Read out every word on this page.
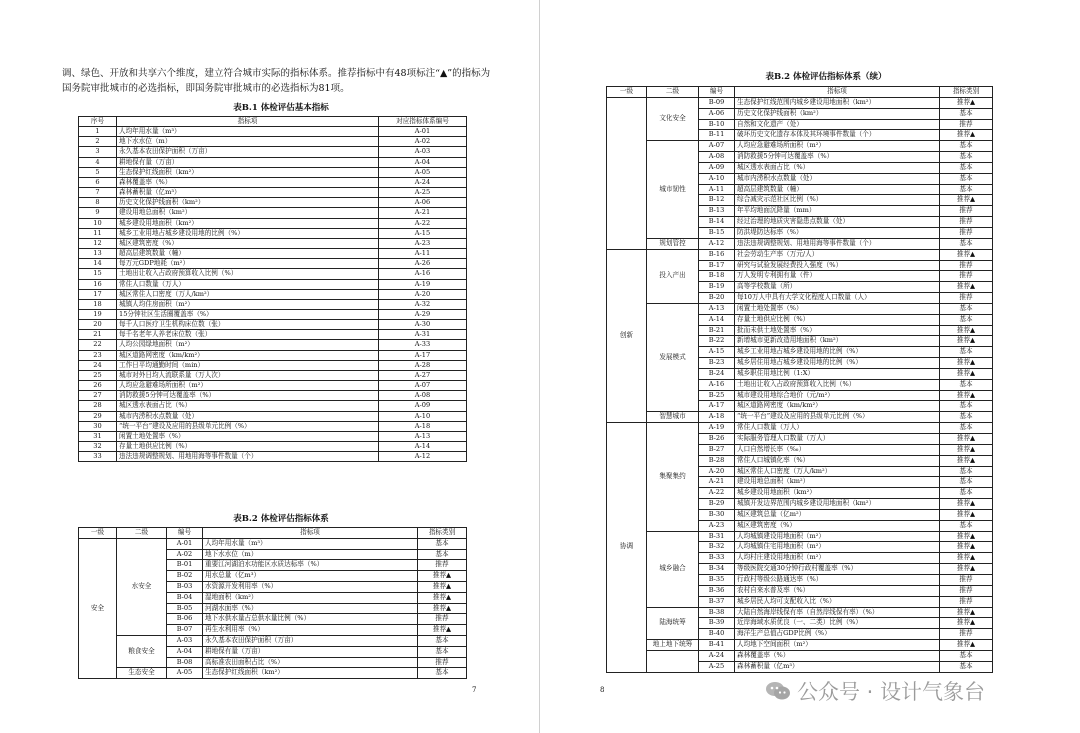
调、绿色、开放和共享六个维度，建立符合城市实际的指标体系。推荐指标中有48项标注“▲”的指标为国务院审批城市的必选指标，即国务院审批城市的必选指标为81项。
表B.1 体检评估基本指标
序号	指标项	对应指标体系编号
1	人均年用水量（m³）	A-01
2	地下水水位（m）	A-02
3	永久基本农田保护面积（万亩）	A-03
4	耕地保有量（万亩）	A-04
5	生态保护红线面积（km²）	A-05
6	森林覆盖率（%）	A-24
7	森林蓄积量（亿m³）	A-25
8	历史文化保护线面积（km²）	A-06
9	建设用地总面积（km²）	A-21
10	城乡建设用地面积（km²）	A-22
11	城乡工业用地占城乡建设用地的比例（%）	A-15
12	城区建筑密度（%）	A-23
13	超高层建筑数量（幢）	A-11
14	每万元GDP地耗（m²）	A-26
15	土地出让收入占政府预算收入比例（%）	A-16
16	常住人口数量（万人）	A-19
17	城区常住人口密度（万人/km²）	A-20
18	城镇人均住房面积（m²）	A-32
19	15分钟社区生活圈覆盖率（%）	A-29
20	每千人口医疗卫生机构床位数（张）	A-30
21	每千名老年人养老床位数（张）	A-31
22	人均公园绿地面积（m²）	A-33
23	城区道路网密度（km/km²）	A-17
24	工作日平均通勤时间（min）	A-28
25	城市对外日均人流联系量（万人次）	A-27
26	人均应急避难场所面积（m²）	A-07
27	消防救援5分钟可达覆盖率（%）	A-08
28	城区透水表面占比（%）	A-09
29	城市内涝积水点数量（处）	A-10
30	“统一平台”建设及应用的县级单元比例（%）	A-18
31	闲置土地处置率（%）	A-13
32	存量土地供应比例（%）	A-14
33	违法违规调整规划、用地用海等事件数量（个）	A-12
表B.2 体检评估指标体系
一级	二级	编号	指标项	指标类别
安全	水安全	A-01	人均年用水量（m³）	基本
		A-02	地下水水位（m）	基本
		B-01	重要江河湖泊水功能区水质达标率（%）	推荐
		B-02	用水总量（亿m³）	推荐▲
		B-03	水资源开发利用率（%）	推荐▲
		B-04	湿地面积（km²）	推荐▲
		B-05	河湖水面率（%）	推荐▲
		B-06	地下水供水量占总供水量比例（%）	推荐
		B-07	再生水利用率（%）	推荐▲
	粮食安全	A-03	永久基本农田保护面积（万亩）	基本
		A-04	耕地保有量（万亩）	基本
		B-08	高标准农田面积占比（%）	推荐
	生态安全	A-05	生态保护红线面积（km²）	基本
7
表B.2 体检评估指标体系（续）
一级	二级	编号	指标项	指标类别
	文化安全	B-09	生态保护红线范围内城乡建设用地面积（km²）	推荐▲
		A-06	历史文化保护线面积（km²）	基本
		B-10	自然和文化遗产（处）	推荐
		B-11	破坏历史文化遗存本体及其环境事件数量（个）	推荐▲
	城市韧性	A-07	人均应急避难场所面积（m²）	基本
		A-08	消防救援5分钟可达覆盖率（%）	基本
		A-09	城区透水表面占比（%）	基本
		A-10	城市内涝积水点数量（处）	基本
		A-11	超高层建筑数量（幢）	基本
		B-12	综合减灾示范社区比例（%）	推荐▲
		B-13	年平均地面沉降量（mm）	推荐
		B-14	经过治理的地质灾害隐患点数量（处）	推荐
		B-15	防洪堤防达标率（%）	推荐
	规划管控	A-12	违法违规调整规划、用地用海等事件数量（个）	基本
创新	投入产出	B-16	社会劳动生产率（万元/人）	推荐▲
		B-17	研究与试验发展经费投入强度（%）	推荐
		B-18	万人发明专利拥有量（件）	推荐
		B-19	高等学校数量（所）	推荐▲
		B-20	每10万人中具有大学文化程度人口数量（人）	推荐
	发展模式	A-13	闲置土地处置率（%）	基本
		A-14	存量土地供应比例（%）	基本
		B-21	批而未供土地处置率（%）	推荐▲
		B-22	新增城市更新改造用地面积（km²）	推荐▲
		A-15	城乡工业用地占城乡建设用地的比例（%）	基本
		B-23	城乡居住用地占城乡建设用地的比例（%）	推荐▲
		B-24	城乡职住用地比例（1:X）	推荐▲
		A-16	土地出让收入占政府预算收入比例（%）	基本
		B-25	城市建设用地综合地价（元/m²）	推荐▲
		A-17	城区道路网密度（km/km²）	基本
	智慧城市	A-18	“统一平台”建设及应用的县级单元比例（%）	基本
协调	集聚集约	A-19	常住人口数量（万人）	基本
		B-26	实际服务管理人口数量（万人）	推荐▲
		B-27	人口自然增长率（‰）	推荐▲
		B-28	常住人口城镇化率（%）	推荐▲
		A-20	城区常住人口密度（万人/km²）	基本
		A-21	建设用地总面积（km²）	基本
		A-22	城乡建设用地面积（km²）	基本
		B-29	城镇开发边界范围内城乡建设用地面积（km²）	推荐▲
		B-30	城区建筑总量（亿m²）	推荐▲
		A-23	城区建筑密度（%）	基本
	城乡融合	B-31	人均城镇建设用地面积（m²）	推荐▲
		B-32	人均城镇住宅用地面积（m²）	推荐▲
		B-33	人均村庄建设用地面积（m²）	推荐▲
		B-34	等级医院交通30分钟行政村覆盖率（%）	推荐▲
		B-35	行政村等级公路通达率（%）	推荐
		B-36	农村自来水普及率（%）	推荐
		B-37	城乡居民人均可支配收入比（%）	推荐
	陆海统筹	B-38	大陆自然海岸线保有率（自然岸线保有率）（%）	推荐▲
		B-39	近岸海域水质优良（一、二类）比例（%）	推荐▲
		B-40	海洋生产总值占GDP比例（%）	推荐
	地上地下统筹	B-41	人均地下空间面积（m²）	推荐▲
		A-24	森林覆盖率（%）	基本
		A-25	森林蓄积量（亿m³）	基本
8	公众号 · 设计气象台
